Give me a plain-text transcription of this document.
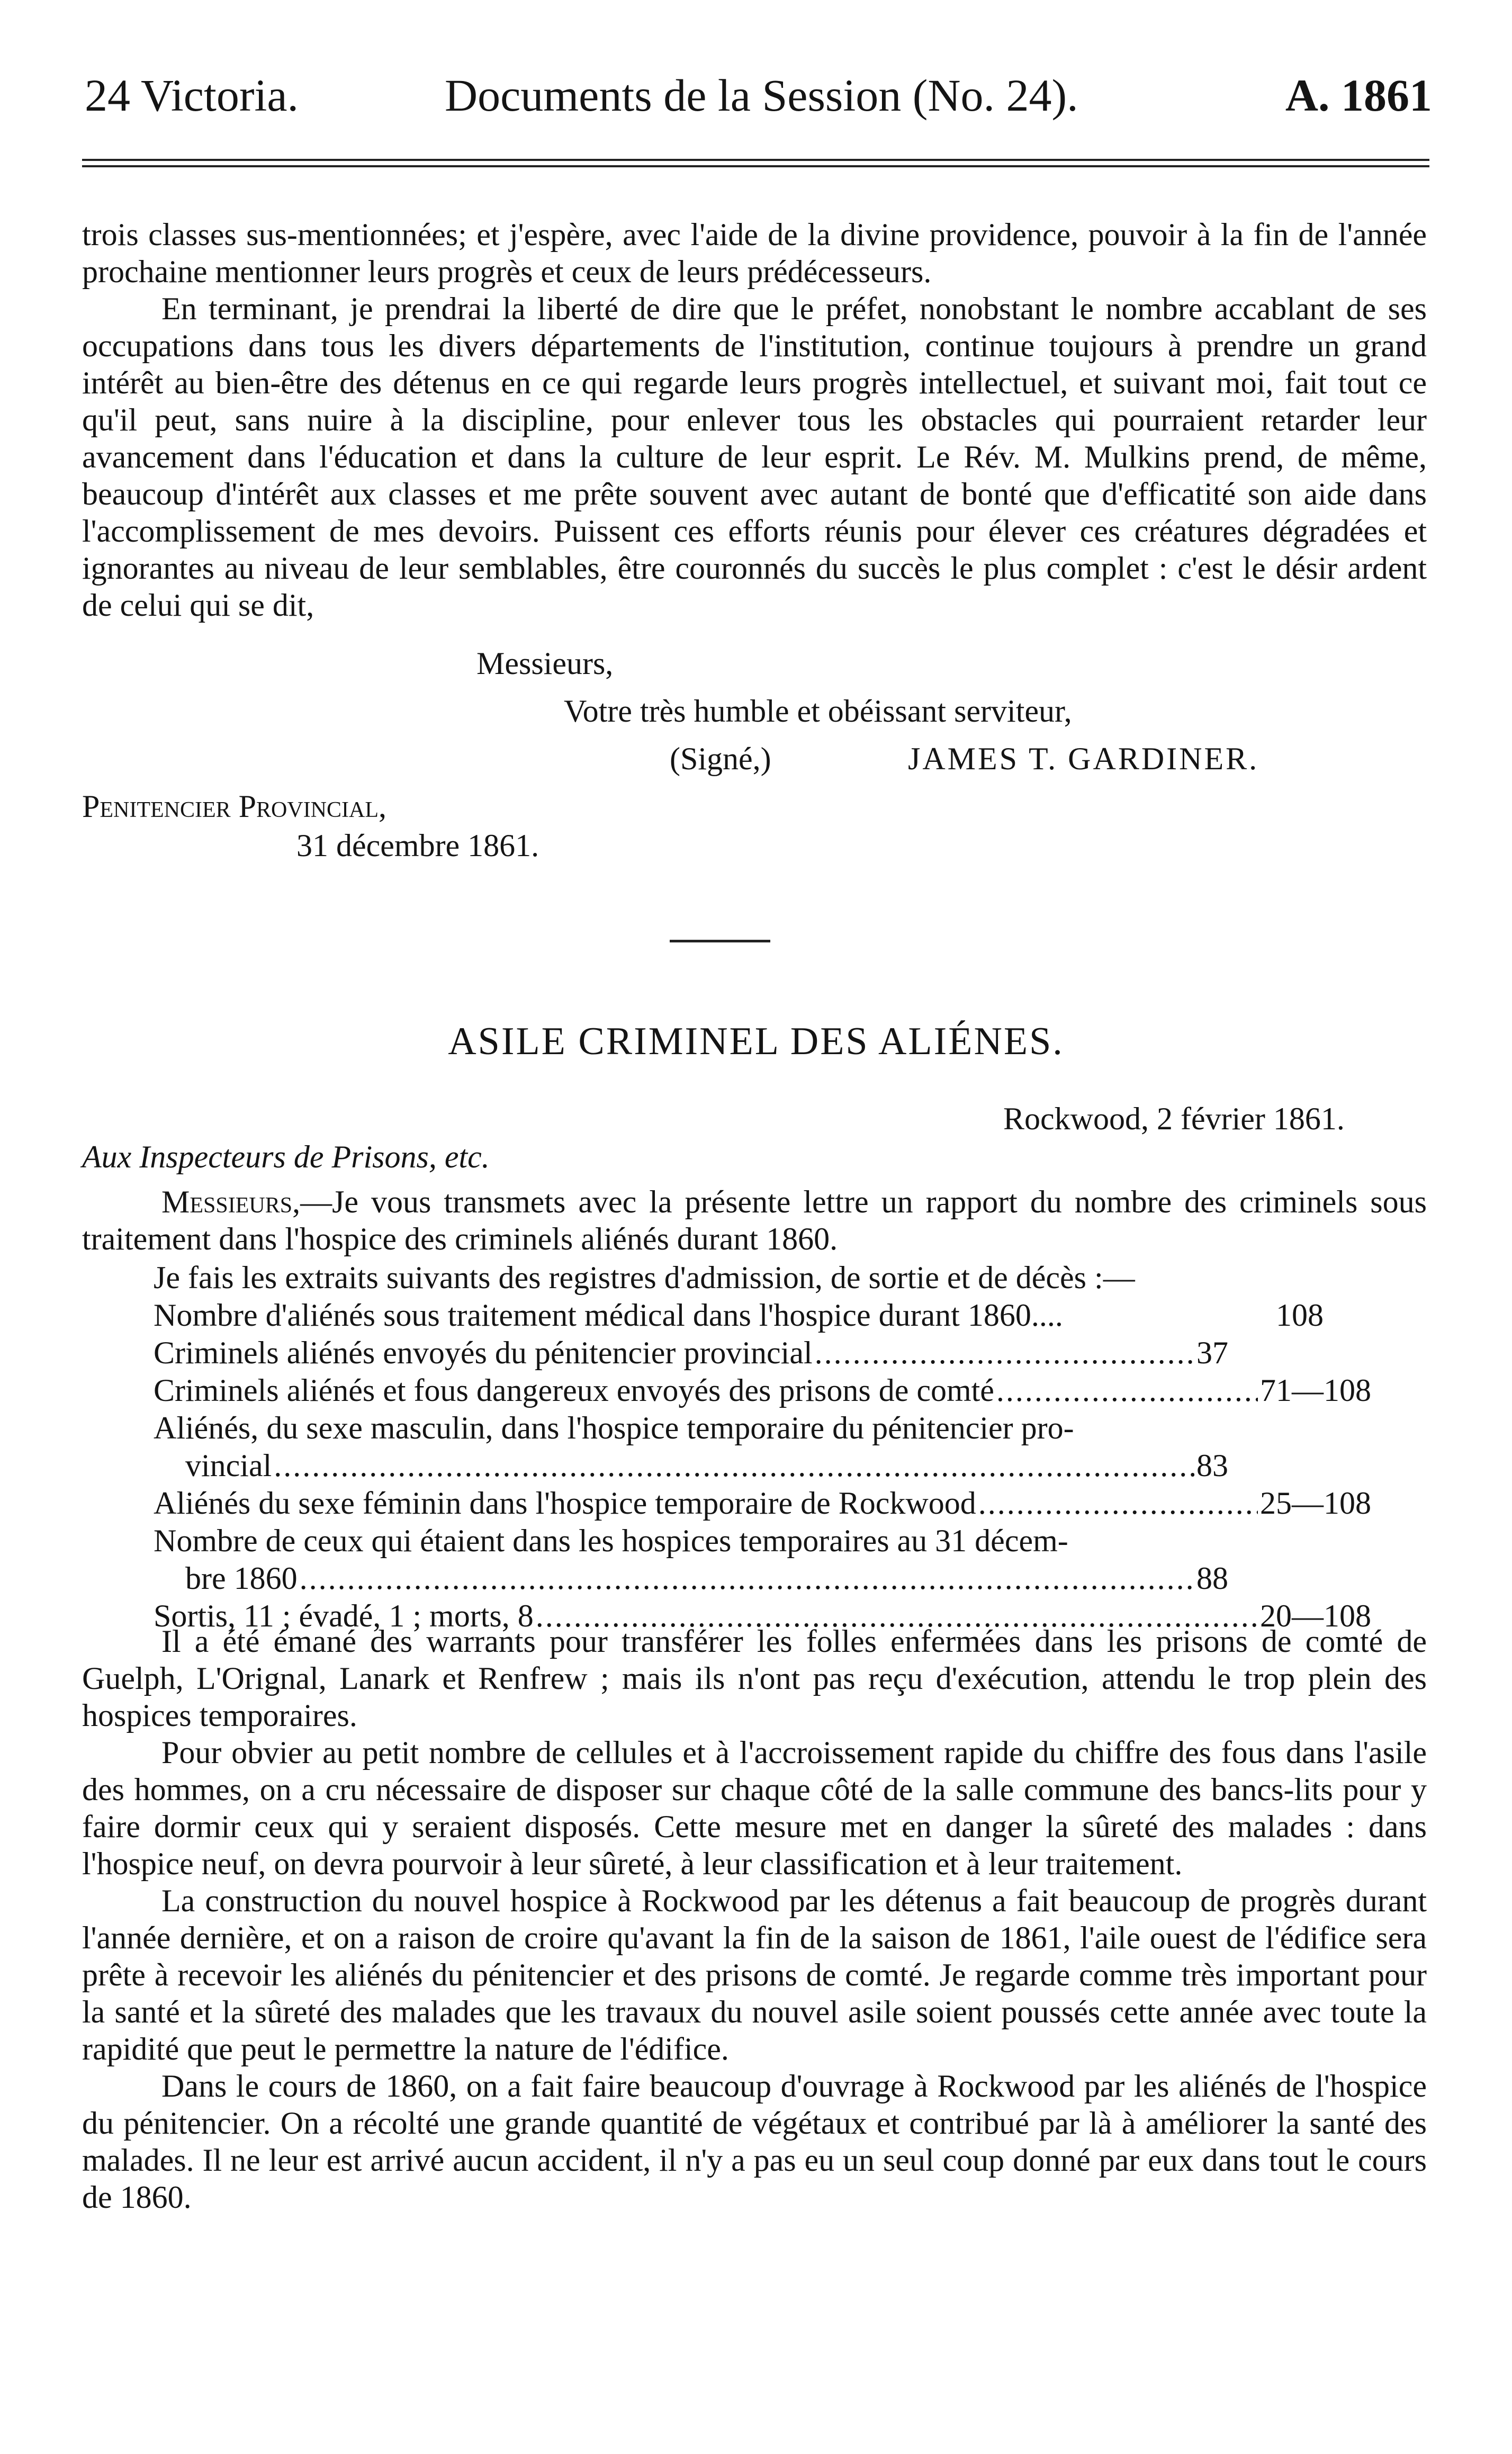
24 Victoria.	Documents de la Session (No. 24).	A. 1861

trois classes sus-mentionnées; et j'espère, avec l'aide de la divine providence, pouvoir à la fin de l'année prochaine mentionner leurs progrès et ceux de leurs prédécesseurs.

En terminant, je prendrai la liberté de dire que le préfet, nonobstant le nombre accablant de ses occupations dans tous les divers départements de l'institution, continue toujours à prendre un grand intérêt au bien-être des détenus en ce qui regarde leurs progrès intellectuel, et suivant moi, fait tout ce qu'il peut, sans nuire à la discipline, pour enlever tous les obstacles qui pourraient retarder leur avancement dans l'éducation et dans la culture de leur esprit. Le Rév. M. Mulkins prend, de même, beaucoup d'intérêt aux classes et me prête souvent avec autant de bonté que d'efficatité son aide dans l'accomplissement de mes devoirs. Puissent ces efforts réunis pour élever ces créatures dégradées et ignorantes au niveau de leur semblables, être couronnés du succès le plus complet : c'est le désir ardent de celui qui se dit,

Messieurs,
Votre très humble et obéissant serviteur,
(Signé,)	JAMES T. GARDINER.
Penitencier Provincial,
31 décembre 1861.
ASILE CRIMINEL DES ALIÉNES.
Rockwood, 2 février 1861.
Aux Inspecteurs de Prisons, etc.

Messieurs,—Je vous transmets avec la présente lettre un rapport du nombre des criminels sous traitement dans l'hospice des criminels aliénés durant 1860.

Je fais les extraits suivants des registres d'admission, de sortie et de décès :—
Nombre d'aliénés sous traitement médical dans l'hospice durant 1860....	108
Criminels aliénés envoyés du pénitencier provincial . . .	37
Criminels aliénés et fous dangereux envoyés des prisons de comté . . .	71—108
Aliénés, du sexe masculin, dans l'hospice temporaire du pénitencier pro-
vincial . . .	83
Aliénés du sexe féminin dans l'hospice temporaire de Rockwood . . .	25—108
Nombre de ceux qui étaient dans les hospices temporaires au 31 décem-
bre 1860 . . .	88
Sortis, 11 ; évadé, 1 ; morts, 8 . . .	20—108

Il a été émané des warrants pour transférer les folles enfermées dans les prisons de comté de Guelph, L'Orignal, Lanark et Renfrew ; mais ils n'ont pas reçu d'exécution, attendu le trop plein des hospices temporaires.

Pour obvier au petit nombre de cellules et à l'accroissement rapide du chiffre des fous dans l'asile des hommes, on a cru nécessaire de disposer sur chaque côté de la salle commune des bancs-lits pour y faire dormir ceux qui y seraient disposés. Cette mesure met en danger la sûreté des malades : dans l'hospice neuf, on devra pourvoir à leur sûreté, à leur classification et à leur traitement.

La construction du nouvel hospice à Rockwood par les détenus a fait beaucoup de progrès durant l'année dernière, et on a raison de croire qu'avant la fin de la saison de 1861, l'aile ouest de l'édifice sera prête à recevoir les aliénés du pénitencier et des prisons de comté. Je regarde comme très important pour la santé et la sûreté des malades que les travaux du nouvel asile soient poussés cette année avec toute la rapidité que peut le permettre la nature de l'édifice.

Dans le cours de 1860, on a fait faire beaucoup d'ouvrage à Rockwood par les aliénés de l'hospice du pénitencier. On a récolté une grande quantité de végétaux et contribué par là à améliorer la santé des malades. Il ne leur est arrivé aucun accident, il n'y a pas eu un seul coup donné par eux dans tout le cours de 1860.
